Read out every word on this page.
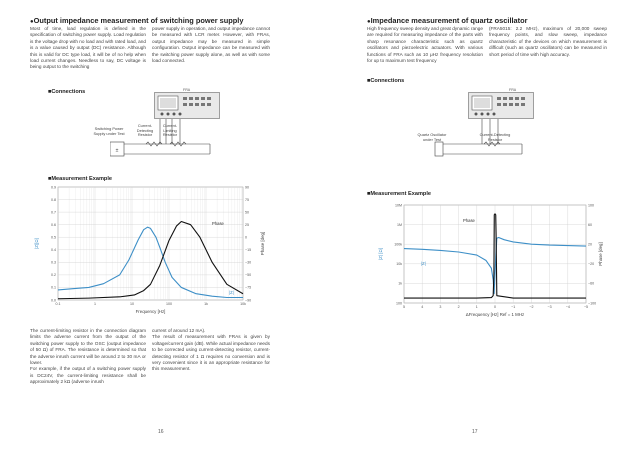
●Output impedance measurement of switching power supply
Most of time, load regulation is defined in the specification of switching power supply. Load regulation is the voltage drop with no load and with rated load, and is a value caused by output (DC) resistance. Although this is valid for DC type load, it will be of no help when load current changes. Needless to say, DC voltage is being output to the switching
power supply in operation, and output impedance cannot be measured with LCR meter. However, with FRAs, output impedance may be measured in simple configuration. Output impedance can be measured with the switching power supply alone, as well as with some load connected.
■Connections	FRA
±
Switching Power Supply under Test
Current-Detecting Resistor
Current-Limiting Resistor
■Measurement Example
0.1	1	10	100	1k	10k
0.9
0.8
0.7
0.6
0.5
0.4
0.3
0.2
0.1
0.0
90
75
50
25
0
−15
−30
−50
−75
−90
Frequency [Hz]
|Z|[Ω]	Phase [deg]
Phase
|Z|
The current-limiting resistor in the connection diagram limits the adverse current from the output of the switching power supply to the OSC (output impedance of 50 Ω) of FRA. The resistance is determined so that the adverse inrush current will be around 2 to 30 mA or lower.
For example, if the output of a switching power supply is DC24V, the current-limiting resistance shall be approximately 2 kΩ (adverse inrush
current of around 12 mA).
The result of measurement with FRAs is given by voltage/current gain (dB). While actual impedance needs to be corrected using current-detecting resistor, current-detecting resistor of 1 Ω requires no conversion and is very convenient since it is an appropriate resistance for this measurement.
16
●Impedance measurement of quartz oscillator
High frequency sweep density and great dynamic range are required for measuring impedance of the parts with sharp resonance characteristic such as quartz oscillators and piezoelectric actuators. With various functions of FRA such as 10 μHz frequency resolution for up to maximum test frequency
(FRA5015: 2.2 MHz), maximum of 20,000 sweep frequency points, and slow sweep, impedance characteristic of the devices on which measurement is difficult (such as quartz oscillators) can be measured in short period of time with high accuracy.
■Connections
FRA
Quartz Oscillator under Test
Current-Detecting Resistor
■Measurement Example
5	4	3	2	1	0	−1	−2	−3	−4	−5
10M
1M
100k
10k
1k
100
100
60
20
−20
−60
−100
ΔFrequency [Hz] Ref = 1 MHz
|Z| [Ω]	Phase [deg]
Phase
|Z|
17
